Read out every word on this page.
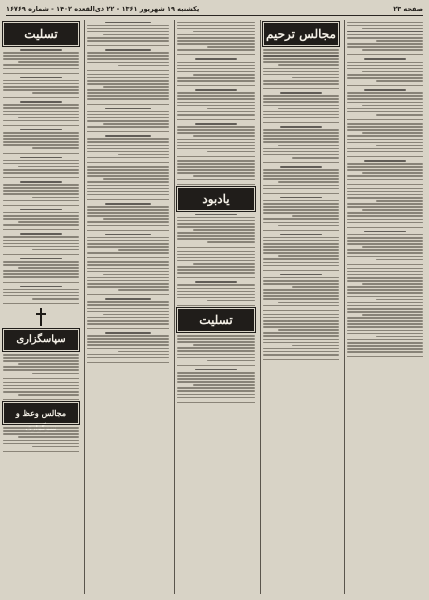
صفحه ۲۳
یکشنبه ۱۹ شهریور ۱۳۶۱ - ۲۲ ذی‌القعده ۱۴۰۲ - شماره ۱۶۷۶۹
مجالس ترحیم
یادبود
تسلیت
تسلیت
سپاسگزاری
مجالس وعظ و
